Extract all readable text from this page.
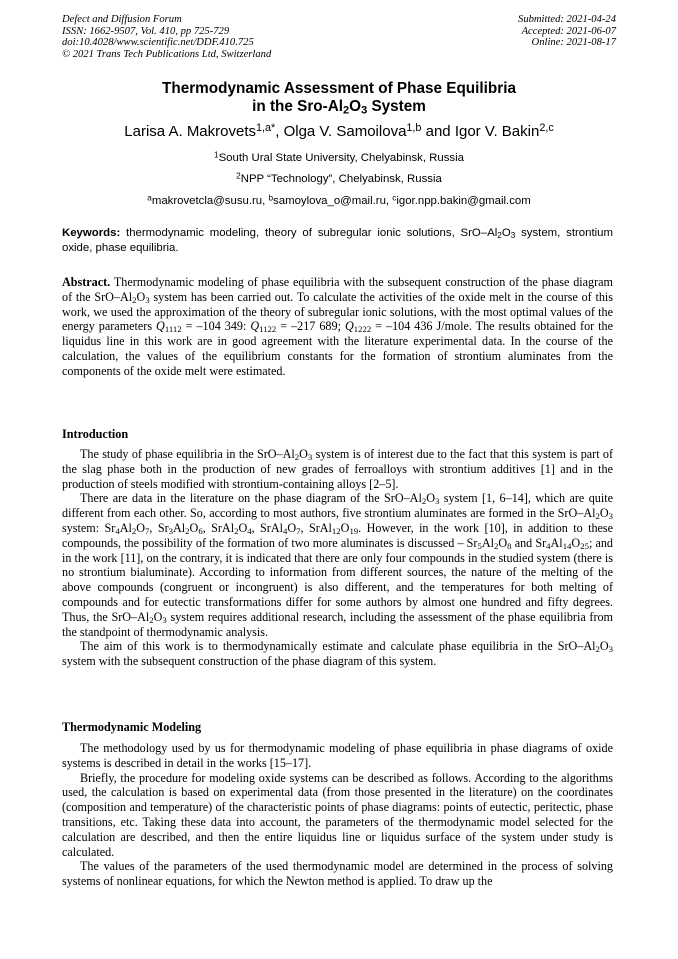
Defect and Diffusion Forum
ISSN: 1662-9507, Vol. 410, pp 725-729
doi:10.4028/www.scientific.net/DDF.410.725
© 2021 Trans Tech Publications Ltd, Switzerland
Submitted: 2021-04-24
Accepted: 2021-06-07
Online: 2021-08-17
Thermodynamic Assessment of Phase Equilibria
in the Sro-$Al_2O_3$ System
Larisa A. Makrovets$^{1,a*}$, Olga V. Samoilova$^{1,b}$ and Igor V. Bakin$^{2,c}$
$^1$South Ural State University, Chelyabinsk, Russia
$^2$NPP “Technology”, Chelyabinsk, Russia
$^a$makrovetcla@susu.ru, $^b$samoylova_o@mail.ru, $^c$igor.npp.bakin@gmail.com
Keywords: thermodynamic modeling, theory of subregular ionic solutions, SrO–$Al_2O_3$ system, strontium oxide, phase equilibria.
Abstract. Thermodynamic modeling of phase equilibria with the subsequent construction of the phase diagram of the SrO–$Al_2O_3$ system has been carried out. To calculate the activities of the oxide melt in the course of this work, we used the approximation of the theory of subregular ionic solutions, with the most optimal values of the energy parameters $Q_{1112} = -104$ 349: $Q_{1122} = -217$ 689; $Q_{1222} = -104$ 436 J/mole. The results obtained for the liquidus line in this work are in good agreement with the literature experimental data. In the course of the calculation, the values of the equilibrium constants for the formation of strontium aluminates from the components of the oxide melt were estimated.
Introduction

The study of phase equilibria in the SrO–$Al_2O_3$ system is of interest due to the fact that this system is part of the slag phase both in the production of new grades of ferroalloys with strontium additives [1] and in the production of steels modified with strontium-containing alloys [2–5].

There are data in the literature on the phase diagram of the SrO–$Al_2O_3$ system [1, 6–14], which are quite different from each other. So, according to most authors, five strontium aluminates are formed in the SrO–$Al_2O_3$ system: $Sr_4Al_2O_7$, $Sr_3Al_2O_6$, $SrAl_2O_4$, $SrAl_4O_7$, $SrAl_{12}O_{19}$. However, in the work [10], in addition to these compounds, the possibility of the formation of two more aluminates is discussed – $Sr_5Al_2O_8$ and $Sr_4Al_{14}O_{25}$; and in the work [11], on the contrary, it is indicated that there are only four compounds in the studied system (there is no strontium bialuminate). According to information from different sources, the nature of the melting of the above compounds (congruent or incongruent) is also different, and the temperatures for both melting of compounds and for eutectic transformations differ for some authors by almost one hundred and fifty degrees. Thus, the SrO–$Al_2O_3$ system requires additional research, including the assessment of the phase equilibria from the standpoint of thermodynamic analysis.

The aim of this work is to thermodynamically estimate and calculate phase equilibria in the SrO–$Al_2O_3$ system with the subsequent construction of the phase diagram of this system.

Thermodynamic Modeling

The methodology used by us for thermodynamic modeling of phase equilibria in phase diagrams of oxide systems is described in detail in the works [15–17].

Briefly, the procedure for modeling oxide systems can be described as follows. According to the algorithms used, the calculation is based on experimental data (from those presented in the literature) on the coordinates (composition and temperature) of the characteristic points of phase diagrams: points of eutectic, peritectic, phase transitions, etc. Taking these data into account, the parameters of the thermodynamic model selected for the calculation are described, and then the entire liquidus line or liquidus surface of the system under study is calculated.

The values of the parameters of the used thermodynamic model are determined in the process of solving systems of nonlinear equations, for which the Newton method is applied. To draw up the
